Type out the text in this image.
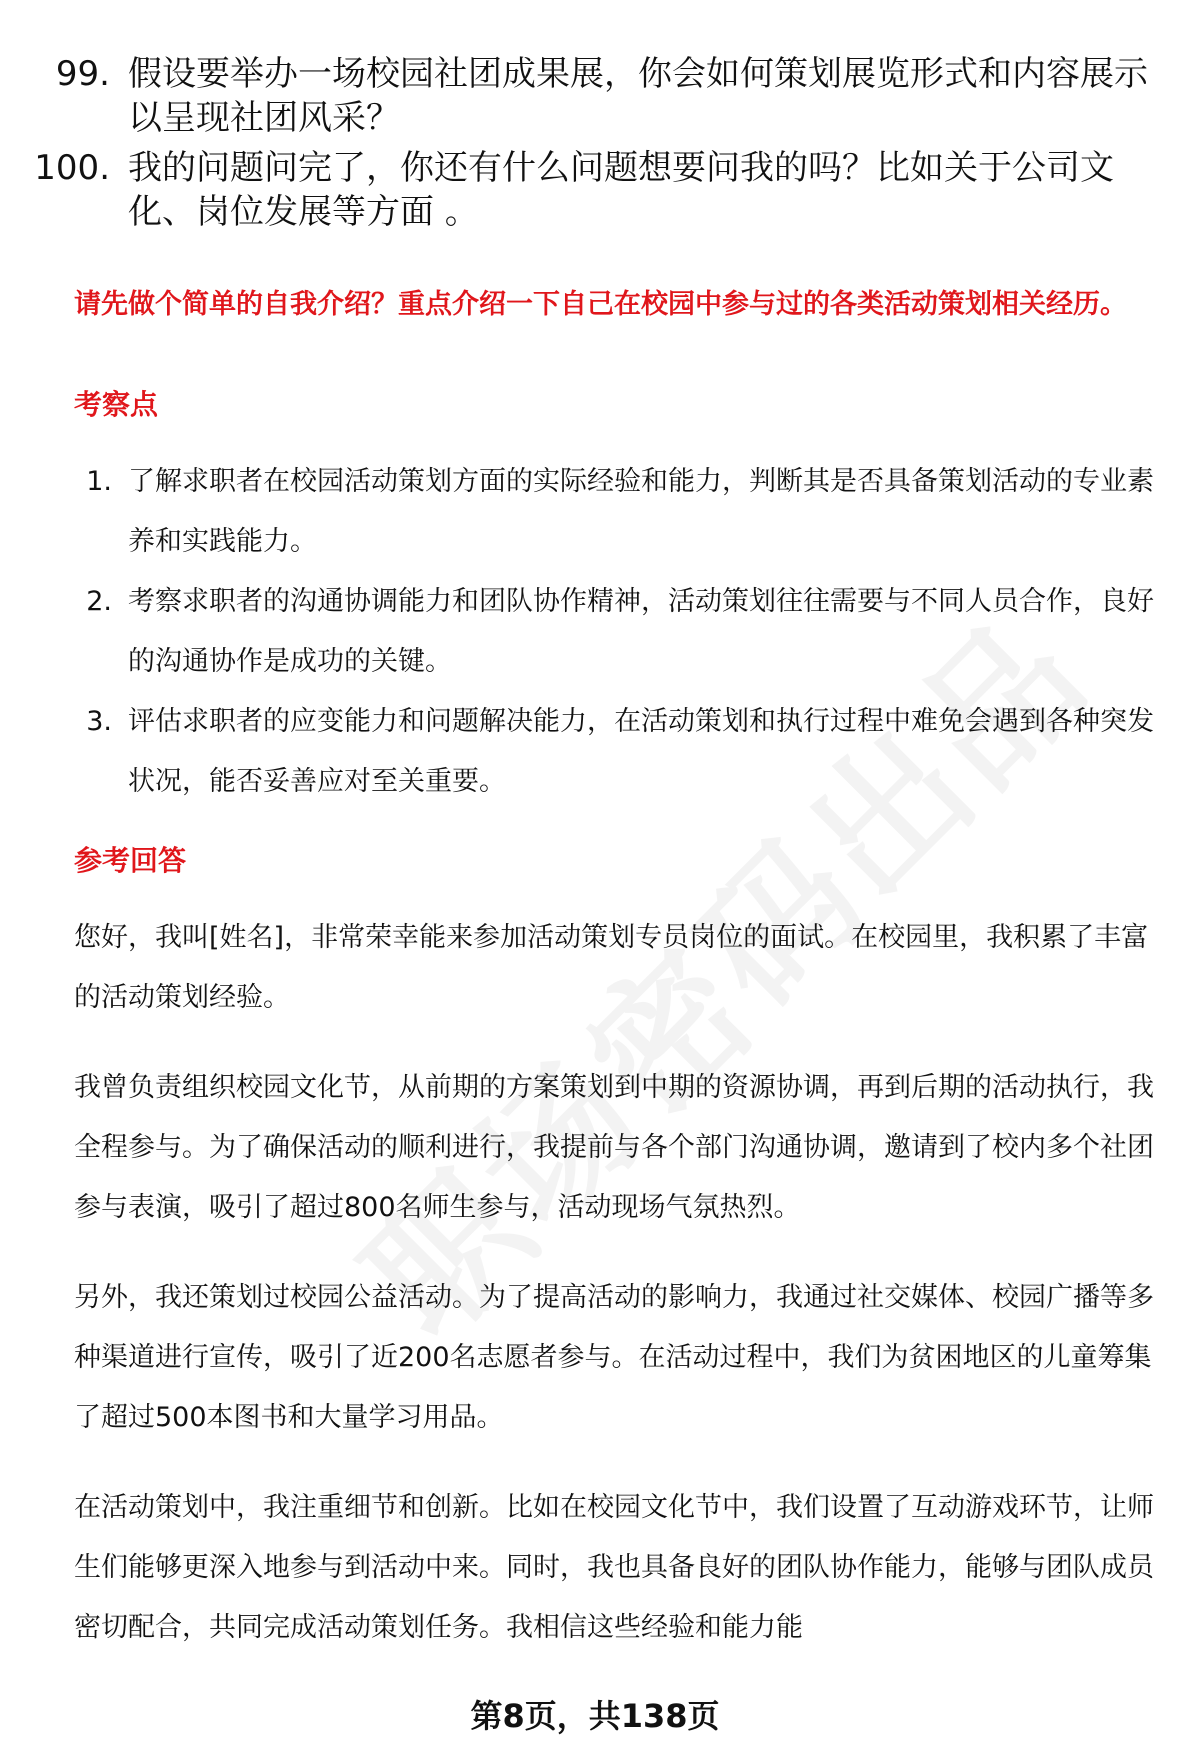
99. 假设要举办一场校园社团成果展，你会如何策划展览形式和内容展示以呈现社团风采？
100. 我的问题问完了，你还有什么问题想要问我的吗？比如关于公司文化、岗位发展等方面 。
请先做个简单的自我介绍？重点介绍一下自己在校园中参与过的各类活动策划相关经历。
考察点
1. 了解求职者在校园活动策划方面的实际经验和能力，判断其是否具备策划活动的专业素养和实践能力。
2. 考察求职者的沟通协调能力和团队协作精神，活动策划往往需要与不同人员合作，良好的沟通协作是成功的关键。
3. 评估求职者的应变能力和问题解决能力，在活动策划和执行过程中难免会遇到各种突发状况，能否妥善应对至关重要。
参考回答
您好，我叫[姓名]，非常荣幸能来参加活动策划专员岗位的面试。在校园里，我积累了丰富的活动策划经验。
我曾负责组织校园文化节，从前期的方案策划到中期的资源协调，再到后期的活动执行，我全程参与。为了确保活动的顺利进行，我提前与各个部门沟通协调，邀请到了校内多个社团参与表演，吸引了超过800名师生参与，活动现场气氛热烈。
另外，我还策划过校园公益活动。为了提高活动的影响力，我通过社交媒体、校园广播等多种渠道进行宣传，吸引了近200名志愿者参与。在活动过程中，我们为贫困地区的儿童筹集了超过500本图书和大量学习用品。
在活动策划中，我注重细节和创新。比如在校园文化节中，我们设置了互动游戏环节，让师生们能够更深入地参与到活动中来。同时，我也具备良好的团队协作能力，能够与团队成员密切配合，共同完成活动策划任务。我相信这些经验和能力能
第8页，共138页
